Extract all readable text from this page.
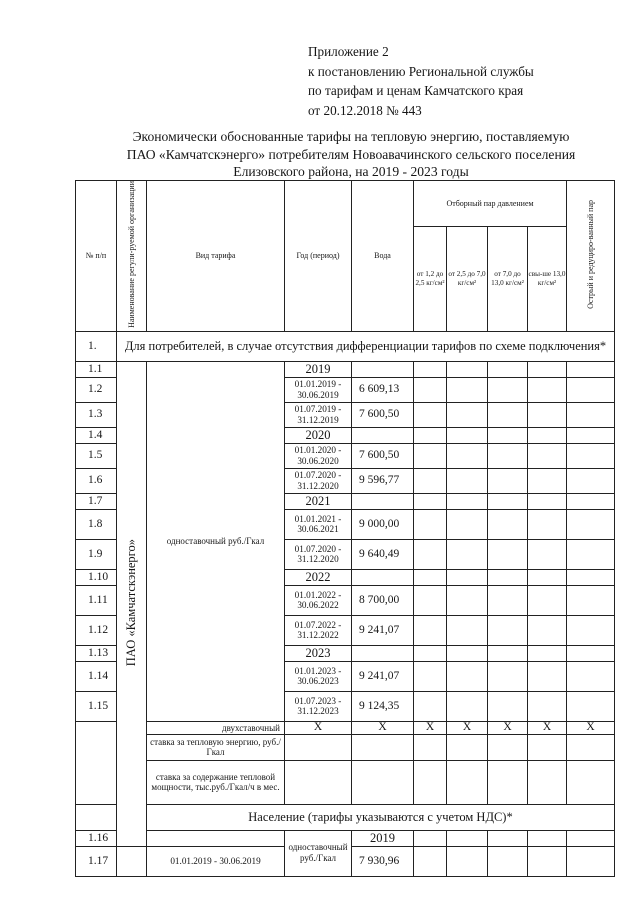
Приложение 2
к постановлению Региональной службы
по тарифам и ценам Камчатского края
от 20.12.2018 № 443
Экономически обоснованные тарифы на тепловую энергию, поставляемую
ПАО «Камчатскэнерго» потребителям Новоавачинского сельского поселения
Елизовского района, на 2019 - 2023 годы
№ п/п	Наименование регули-руемой организации	Вид тарифа	Год (период)	Вода	Отборный пар давлением				Острый и редуциро-ванный пар	
					от 1,2 до 2,5 кг/см²	от 2,5 до 7,0 кг/см²	от 7,0 до 13,0 кг/см²	свы-ше 13,0 кг/см²		
1.	Для потребителей, в случае отсутствия дифференциации тарифов по схеме подключения*									
1.1	ПАО «Камчатскэнерго»	одноставочный руб./Гкал	2019							
1.2			01.01.2019 - 30.06.2019	6 609,13						
1.3			01.07.2019 - 31.12.2019	7 600,50						
1.4			2020							
1.5			01.01.2020 - 30.06.2020	7 600,50						
1.6			01.07.2020 - 31.12.2020	9 596,77						
1.7			2021							
1.8			01.01.2021 - 30.06.2021	9 000,00						
1.9			01.07.2020 - 31.12.2020	9 640,49						
1.10			2022							
1.11			01.01.2022 - 30.06.2022	8 700,00						
1.12			01.07.2022 - 31.12.2022	9 241,07						
1.13			2023							
1.14			01.01.2023 - 30.06.2023	9 241,07						
1.15			01.07.2023 - 31.12.2023	9 124,35						
		двухставочный	X	X	X	X	X	X	X	
		ставка за тепловую энергию, руб./Гкал								
		ставка за содержание тепловой мощности, тыс.руб./Гкал/ч в мес.								
		Население (тарифы указываются с учетом НДС)*								
1.16			одноставочный руб./Гкал	2019						
1.17		01.01.2019 - 30.06.2019		7 930,96						
